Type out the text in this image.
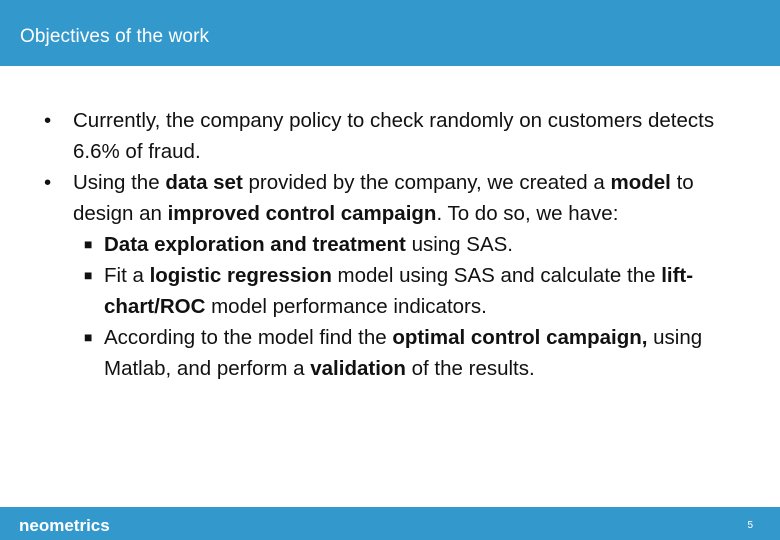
Objectives of the work
• Currently, the company policy to check randomly on customers detects 6.6% of fraud.
• Using the data set provided by the company, we created a model to design an improved control campaign. To do so, we have:
■ Data exploration and treatment using SAS.
■ Fit a logistic regression model using SAS and calculate the lift-chart/ROC model performance indicators.
■ According to the model find the optimal control campaign, using Matlab, and perform a validation of the results.
neometrics	5
